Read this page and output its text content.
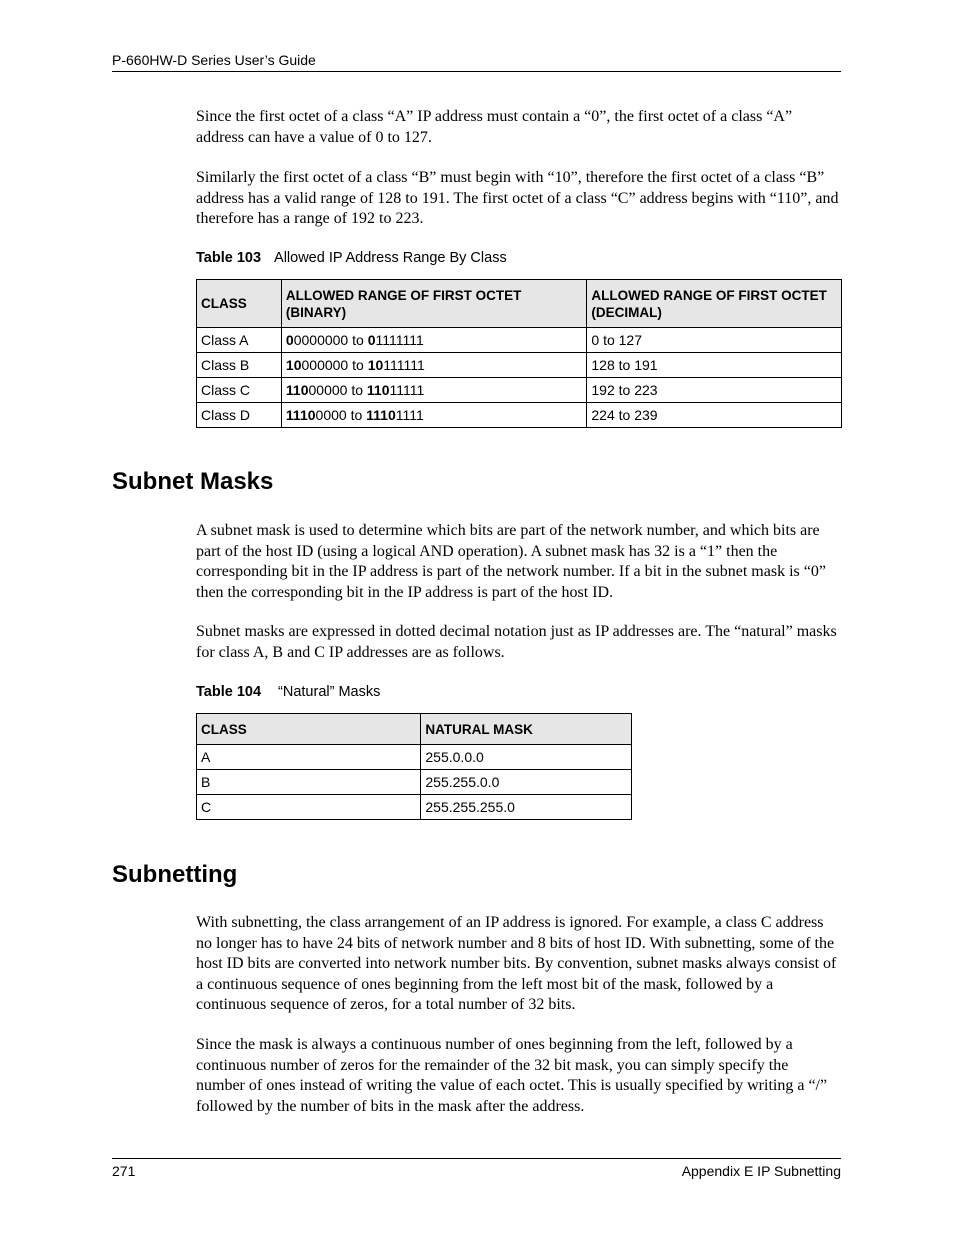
P-660HW-D Series User’s Guide

Since the first octet of a class “A” IP address must contain a “0”, the first octet of a class “A” address can have a value of 0 to 127.

Similarly the first octet of a class “B” must begin with “10”, therefore the first octet of a class “B” address has a valid range of 128 to 191. The first octet of a class “C” address begins with “110”, and therefore has a range of 192 to 223.

Table 103 Allowed IP Address Range By Class
CLASS	ALLOWED RANGE OF FIRST OCTET (BINARY)	ALLOWED RANGE OF FIRST OCTET (DECIMAL)
Class A	00000000 to 01111111	0 to 127
Class B	10000000 to 10111111	128 to 191
Class C	11000000 to 11011111	192 to 223
Class D	11100000 to 11101111	224 to 239
Subnet Masks

A subnet mask is used to determine which bits are part of the network number, and which bits are part of the host ID (using a logical AND operation). A subnet mask has 32 is a “1” then the corresponding bit in the IP address is part of the network number. If a bit in the subnet mask is “0” then the corresponding bit in the IP address is part of the host ID.

Subnet masks are expressed in dotted decimal notation just as IP addresses are. The “natural” masks for class A, B and C IP addresses are as follows.

Table 104 “Natural” Masks
CLASS	NATURAL MASK
A	255.0.0.0
B	255.255.0.0
C	255.255.255.0
Subnetting

With subnetting, the class arrangement of an IP address is ignored. For example, a class C address no longer has to have 24 bits of network number and 8 bits of host ID. With subnetting, some of the host ID bits are converted into network number bits. By convention, subnet masks always consist of a continuous sequence of ones beginning from the left most bit of the mask, followed by a continuous sequence of zeros, for a total number of 32 bits.

Since the mask is always a continuous number of ones beginning from the left, followed by a continuous number of zeros for the remainder of the 32 bit mask, you can simply specify the number of ones instead of writing the value of each octet. This is usually specified by writing a “/” followed by the number of bits in the mask after the address.

271	Appendix E IP Subnetting
